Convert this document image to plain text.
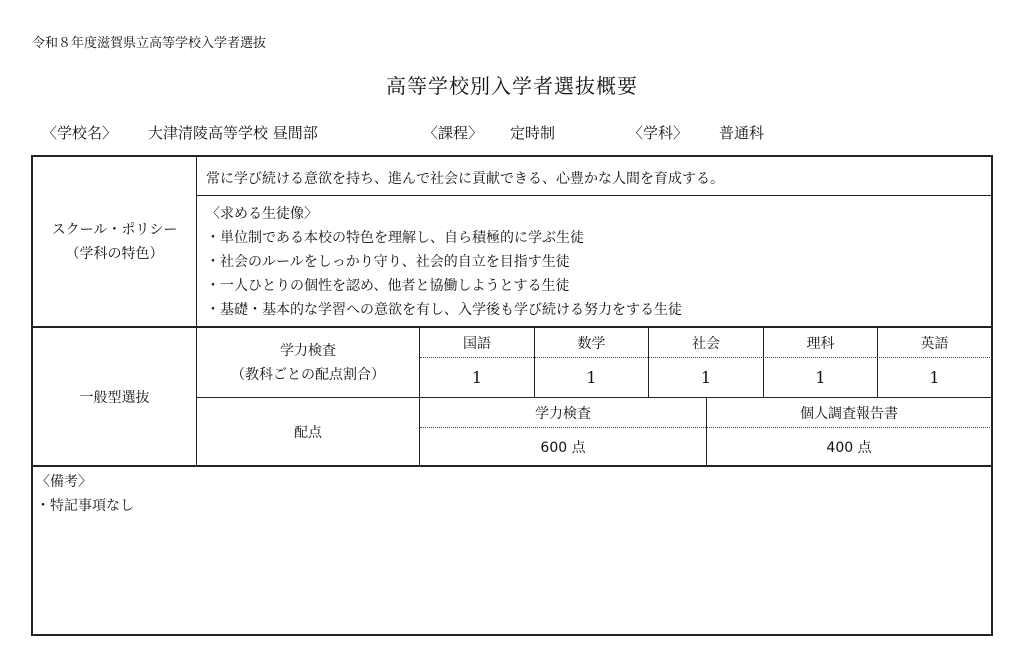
令和８年度滋賀県立高等学校入学者選抜
高等学校別入学者選抜概要
〈学校名〉 大津清陵高等学校 昼間部	〈課程〉 定時制	〈学科〉 普通科
スクール・ポリシー
（学科の特色）
常に学び続ける意欲を持ち、進んで社会に貢献できる、心豊かな人間を育成する。
〈求める生徒像〉
・単位制である本校の特色を理解し、自ら積極的に学ぶ生徒
・社会のルールをしっかり守り、社会的自立を目指す生徒
・一人ひとりの個性を認め、他者と協働しようとする生徒
・基礎・基本的な学習への意欲を有し、入学後も学び続ける努力をする生徒
一般型選抜
学力検査
（教科ごとの配点割合）
国語	数学	社会	理科	英語
1	1	1	1	1
配点
学力検査	個人調査報告書
600 点	400 点
〈備考〉
・特記事項なし
